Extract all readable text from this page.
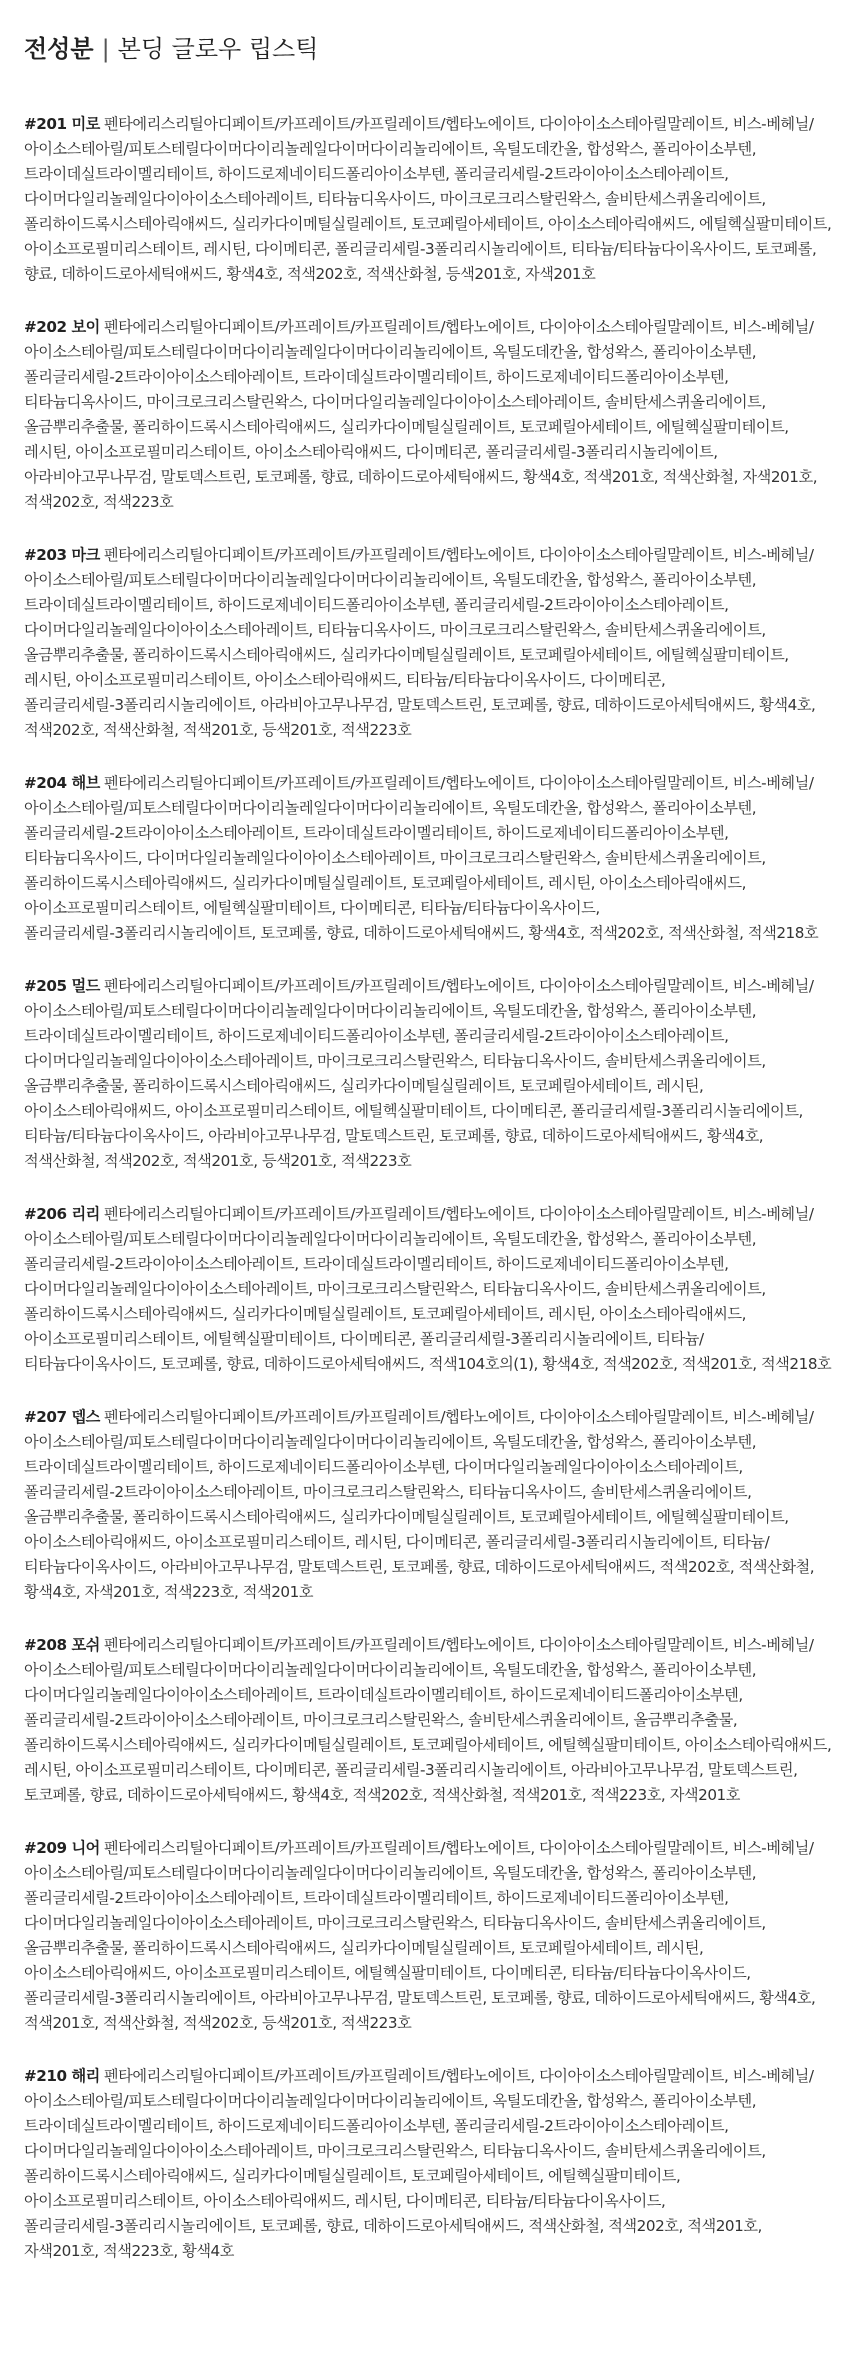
전성분 | 본딩 글로우 립스틱
#201 미로 펜타에리스리틸아디페이트/카프레이트/카프릴레이트/헵타노에이트, 다이아이소스테아릴말레이트, 비스-베헤닐/아이소스테아릴/피토스테릴다이머다이리놀레일다이머다이리놀리에이트, 옥틸도데칸올, 합성왁스, 폴리아이소부텐, 트라이데실트라이멜리테이트, 하이드로제네이티드폴리아이소부텐, 폴리글리세릴-2트라이아이소스테아레이트, 다이머다일리놀레일다이아이소스테아레이트, 티타늄디옥사이드, 마이크로크리스탈린왁스, 솔비탄세스퀴올리에이트, 폴리하이드록시스테아릭애씨드, 실리카다이메틸실릴레이트, 토코페릴아세테이트, 아이소스테아릭애씨드, 에틸헥실팔미테이트, 아이소프로필미리스테이트, 레시틴, 다이메티콘, 폴리글리세릴-3폴리리시놀리에이트, 티타늄/티타늄다이옥사이드, 토코페롤, 향료, 데하이드로아세틱애씨드, 황색4호, 적색202호, 적색산화철, 등색201호, 자색201호
#202 보이 펜타에리스리틸아디페이트/카프레이트/카프릴레이트/헵타노에이트, 다이아이소스테아릴말레이트, 비스-베헤닐/아이소스테아릴/피토스테릴다이머다이리놀레일다이머다이리놀리에이트, 옥틸도데칸올, 합성왁스, 폴리아이소부텐, 폴리글리세릴-2트라이아이소스테아레이트, 트라이데실트라이멜리테이트, 하이드로제네이티드폴리아이소부텐, 티타늄디옥사이드, 마이크로크리스탈린왁스, 다이머다일리놀레일다이아이소스테아레이트, 솔비탄세스퀴올리에이트, 올금뿌리추출물, 폴리하이드록시스테아릭애씨드, 실리카다이메틸실릴레이트, 토코페릴아세테이트, 에틸헥실팔미테이트, 레시틴, 아이소프로필미리스테이트, 아이소스테아릭애씨드, 다이메티콘, 폴리글리세릴-3폴리리시놀리에이트, 아라비아고무나무검, 말토덱스트린, 토코페롤, 향료, 데하이드로아세틱애씨드, 황색4호, 적색201호, 적색산화철, 자색201호, 적색202호, 적색223호
#203 마크 펜타에리스리틸아디페이트/카프레이트/카프릴레이트/헵타노에이트, 다이아이소스테아릴말레이트, 비스-베헤닐/아이소스테아릴/피토스테릴다이머다이리놀레일다이머다이리놀리에이트, 옥틸도데칸올, 합성왁스, 폴리아이소부텐, 트라이데실트라이멜리테이트, 하이드로제네이티드폴리아이소부텐, 폴리글리세릴-2트라이아이소스테아레이트, 다이머다일리놀레일다이아이소스테아레이트, 티타늄디옥사이드, 마이크로크리스탈린왁스, 솔비탄세스퀴올리에이트, 올금뿌리추출물, 폴리하이드록시스테아릭애씨드, 실리카다이메틸실릴레이트, 토코페릴아세테이트, 에틸헥실팔미테이트, 레시틴, 아이소프로필미리스테이트, 아이소스테아릭애씨드, 티타늄/티타늄다이옥사이드, 다이메티콘, 폴리글리세릴-3폴리리시놀리에이트, 아라비아고무나무검, 말토덱스트린, 토코페롤, 향료, 데하이드로아세틱애씨드, 황색4호, 적색202호, 적색산화철, 적색201호, 등색201호, 적색223호
#204 해브 펜타에리스리틸아디페이트/카프레이트/카프릴레이트/헵타노에이트, 다이아이소스테아릴말레이트, 비스-베헤닐/아이소스테아릴/피토스테릴다이머다이리놀레일다이머다이리놀리에이트, 옥틸도데칸올, 합성왁스, 폴리아이소부텐, 폴리글리세릴-2트라이아이소스테아레이트, 트라이데실트라이멜리테이트, 하이드로제네이티드폴리아이소부텐, 티타늄디옥사이드, 다이머다일리놀레일다이아이소스테아레이트, 마이크로크리스탈린왁스, 솔비탄세스퀴올리에이트, 폴리하이드록시스테아릭애씨드, 실리카다이메틸실릴레이트, 토코페릴아세테이트, 레시틴, 아이소스테아릭애씨드, 아이소프로필미리스테이트, 에틸헥실팔미테이트, 다이메티콘, 티타늄/티타늄다이옥사이드, 폴리글리세릴-3폴리리시놀리에이트, 토코페롤, 향료, 데하이드로아세틱애씨드, 황색4호, 적색202호, 적색산화철, 적색218호
#205 멀드 펜타에리스리틸아디페이트/카프레이트/카프릴레이트/헵타노에이트, 다이아이소스테아릴말레이트, 비스-베헤닐/아이소스테아릴/피토스테릴다이머다이리놀레일다이머다이리놀리에이트, 옥틸도데칸올, 합성왁스, 폴리아이소부텐, 트라이데실트라이멜리테이트, 하이드로제네이티드폴리아이소부텐, 폴리글리세릴-2트라이아이소스테아레이트, 다이머다일리놀레일다이아이소스테아레이트, 마이크로크리스탈린왁스, 티타늄디옥사이드, 솔비탄세스퀴올리에이트, 올금뿌리추출물, 폴리하이드록시스테아릭애씨드, 실리카다이메틸실릴레이트, 토코페릴아세테이트, 레시틴, 아이소스테아릭애씨드, 아이소프로필미리스테이트, 에틸헥실팔미테이트, 다이메티콘, 폴리글리세릴-3폴리리시놀리에이트, 티타늄/티타늄다이옥사이드, 아라비아고무나무검, 말토덱스트린, 토코페롤, 향료, 데하이드로아세틱애씨드, 황색4호, 적색산화철, 적색202호, 적색201호, 등색201호, 적색223호
#206 리리 펜타에리스리틸아디페이트/카프레이트/카프릴레이트/헵타노에이트, 다이아이소스테아릴말레이트, 비스-베헤닐/아이소스테아릴/피토스테릴다이머다이리놀레일다이머다이리놀리에이트, 옥틸도데칸올, 합성왁스, 폴리아이소부텐, 폴리글리세릴-2트라이아이소스테아레이트, 트라이데실트라이멜리테이트, 하이드로제네이티드폴리아이소부텐, 다이머다일리놀레일다이아이소스테아레이트, 마이크로크리스탈린왁스, 티타늄디옥사이드, 솔비탄세스퀴올리에이트, 폴리하이드록시스테아릭애씨드, 실리카다이메틸실릴레이트, 토코페릴아세테이트, 레시틴, 아이소스테아릭애씨드, 아이소프로필미리스테이트, 에틸헥실팔미테이트, 다이메티콘, 폴리글리세릴-3폴리리시놀리에이트, 티타늄/티타늄다이옥사이드, 토코페롤, 향료, 데하이드로아세틱애씨드, 적색104호의(1), 황색4호, 적색202호, 적색201호, 적색218호
#207 뎁스 펜타에리스리틸아디페이트/카프레이트/카프릴레이트/헵타노에이트, 다이아이소스테아릴말레이트, 비스-베헤닐/아이소스테아릴/피토스테릴다이머다이리놀레일다이머다이리놀리에이트, 옥틸도데칸올, 합성왁스, 폴리아이소부텐, 트라이데실트라이멜리테이트, 하이드로제네이티드폴리아이소부텐, 다이머다일리놀레일다이아이소스테아레이트, 폴리글리세릴-2트라이아이소스테아레이트, 마이크로크리스탈린왁스, 티타늄디옥사이드, 솔비탄세스퀴올리에이트, 올금뿌리추출물, 폴리하이드록시스테아릭애씨드, 실리카다이메틸실릴레이트, 토코페릴아세테이트, 에틸헥실팔미테이트, 아이소스테아릭애씨드, 아이소프로필미리스테이트, 레시틴, 다이메티콘, 폴리글리세릴-3폴리리시놀리에이트, 티타늄/티타늄다이옥사이드, 아라비아고무나무검, 말토덱스트린, 토코페롤, 향료, 데하이드로아세틱애씨드, 적색202호, 적색산화철, 황색4호, 자색201호, 적색223호, 적색201호
#208 포쉬 펜타에리스리틸아디페이트/카프레이트/카프릴레이트/헵타노에이트, 다이아이소스테아릴말레이트, 비스-베헤닐/아이소스테아릴/피토스테릴다이머다이리놀레일다이머다이리놀리에이트, 옥틸도데칸올, 합성왁스, 폴리아이소부텐, 다이머다일리놀레일다이아이소스테아레이트, 트라이데실트라이멜리테이트, 하이드로제네이티드폴리아이소부텐, 폴리글리세릴-2트라이아이소스테아레이트, 마이크로크리스탈린왁스, 솔비탄세스퀴올리에이트, 올금뿌리추출물, 폴리하이드록시스테아릭애씨드, 실리카다이메틸실릴레이트, 토코페릴아세테이트, 에틸헥실팔미테이트, 아이소스테아릭애씨드, 레시틴, 아이소프로필미리스테이트, 다이메티콘, 폴리글리세릴-3폴리리시놀리에이트, 아라비아고무나무검, 말토덱스트린, 토코페롤, 향료, 데하이드로아세틱애씨드, 황색4호, 적색202호, 적색산화철, 적색201호, 적색223호, 자색201호
#209 니어 펜타에리스리틸아디페이트/카프레이트/카프릴레이트/헵타노에이트, 다이아이소스테아릴말레이트, 비스-베헤닐/아이소스테아릴/피토스테릴다이머다이리놀레일다이머다이리놀리에이트, 옥틸도데칸올, 합성왁스, 폴리아이소부텐, 폴리글리세릴-2트라이아이소스테아레이트, 트라이데실트라이멜리테이트, 하이드로제네이티드폴리아이소부텐, 다이머다일리놀레일다이아이소스테아레이트, 마이크로크리스탈린왁스, 티타늄디옥사이드, 솔비탄세스퀴올리에이트, 올금뿌리추출물, 폴리하이드록시스테아릭애씨드, 실리카다이메틸실릴레이트, 토코페릴아세테이트, 레시틴, 아이소스테아릭애씨드, 아이소프로필미리스테이트, 에틸헥실팔미테이트, 다이메티콘, 티타늄/티타늄다이옥사이드, 폴리글리세릴-3폴리리시놀리에이트, 아라비아고무나무검, 말토덱스트린, 토코페롤, 향료, 데하이드로아세틱애씨드, 황색4호, 적색201호, 적색산화철, 적색202호, 등색201호, 적색223호
#210 해리 펜타에리스리틸아디페이트/카프레이트/카프릴레이트/헵타노에이트, 다이아이소스테아릴말레이트, 비스-베헤닐/아이소스테아릴/피토스테릴다이머다이리놀레일다이머다이리놀리에이트, 옥틸도데칸올, 합성왁스, 폴리아이소부텐, 트라이데실트라이멜리테이트, 하이드로제네이티드폴리아이소부텐, 폴리글리세릴-2트라이아이소스테아레이트, 다이머다일리놀레일다이아이소스테아레이트, 마이크로크리스탈린왁스, 티타늄디옥사이드, 솔비탄세스퀴올리에이트, 폴리하이드록시스테아릭애씨드, 실리카다이메틸실릴레이트, 토코페릴아세테이트, 에틸헥실팔미테이트, 아이소프로필미리스테이트, 아이소스테아릭애씨드, 레시틴, 다이메티콘, 티타늄/티타늄다이옥사이드, 폴리글리세릴-3폴리리시놀리에이트, 토코페롤, 향료, 데하이드로아세틱애씨드, 적색산화철, 적색202호, 적색201호, 자색201호, 적색223호, 황색4호
